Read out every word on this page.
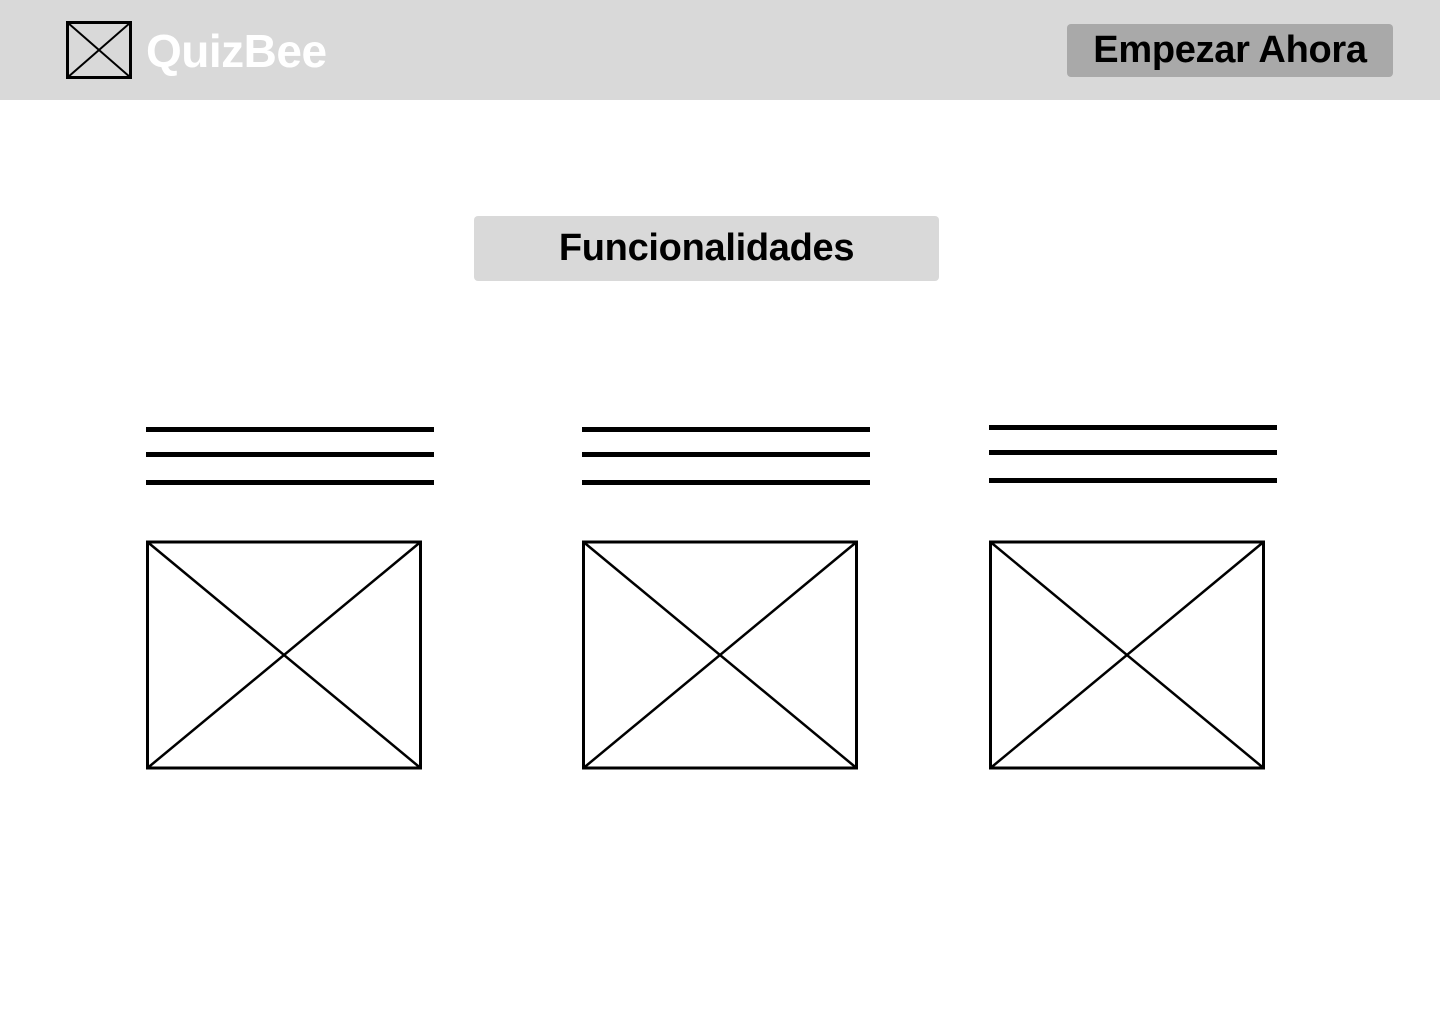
QuizBee	Empezar Ahora
Funcionalidades
